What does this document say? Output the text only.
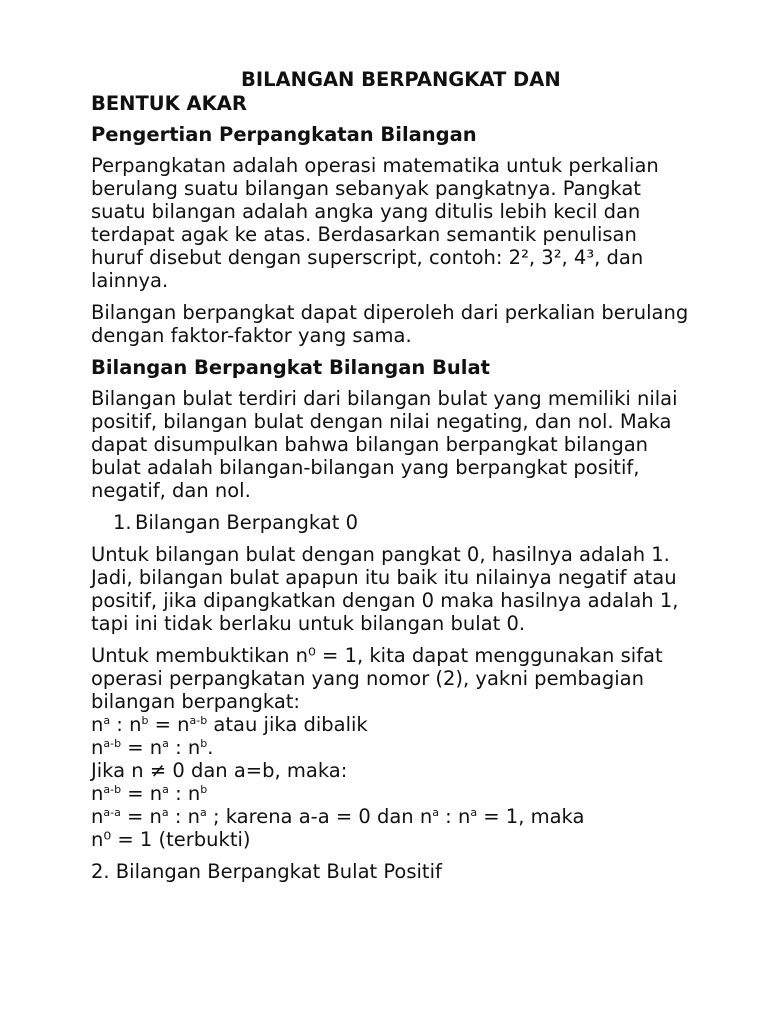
BILANGAN BERPANGKAT DAN
BENTUK AKAR
Pengertian Perpangkatan Bilangan

Perpangkatan adalah operasi matematika untuk perkalian berulang suatu bilangan sebanyak pangkatnya. Pangkat suatu bilangan adalah angka yang ditulis lebih kecil dan terdapat agak ke atas. Berdasarkan semantik penulisan huruf disebut dengan superscript, contoh: 2², 3², 4³, dan lainnya.

Bilangan berpangkat dapat diperoleh dari perkalian berulang dengan faktor-faktor yang sama.

Bilangan Berpangkat Bilangan Bulat

Bilangan bulat terdiri dari bilangan bulat yang memiliki nilai positif, bilangan bulat dengan nilai negating, dan nol. Maka dapat disumpulkan bahwa bilangan berpangkat bilangan bulat adalah bilangan-bilangan yang berpangkat positif, negatif, dan nol.

1. Bilangan Berpangkat 0

Untuk bilangan bulat dengan pangkat 0, hasilnya adalah 1. Jadi, bilangan bulat apapun itu baik itu nilainya negatif atau positif, jika dipangkatkan dengan 0 maka hasilnya adalah 1, tapi ini tidak berlaku untuk bilangan bulat 0.

Untuk membuktikan n⁰ = 1, kita dapat menggunakan sifat operasi perpangkatan yang nomor (2), yakni pembagian bilangan berpangkat:
$n^a$ : $n^b = n^{a-b}$ atau jika dibalik
$n^{a-b} = n^a$ : $n^b$.
Jika n ≠ 0 dan a=b, maka:
$n^{a-b} = n^a$ : $n^b$
$n^{a-a} = n^a$ : $n^a$ ; karena a-a = 0 dan $n^a$ : $n^a = 1$, maka
n⁰ = 1 (terbukti)

2. Bilangan Berpangkat Bulat Positif
